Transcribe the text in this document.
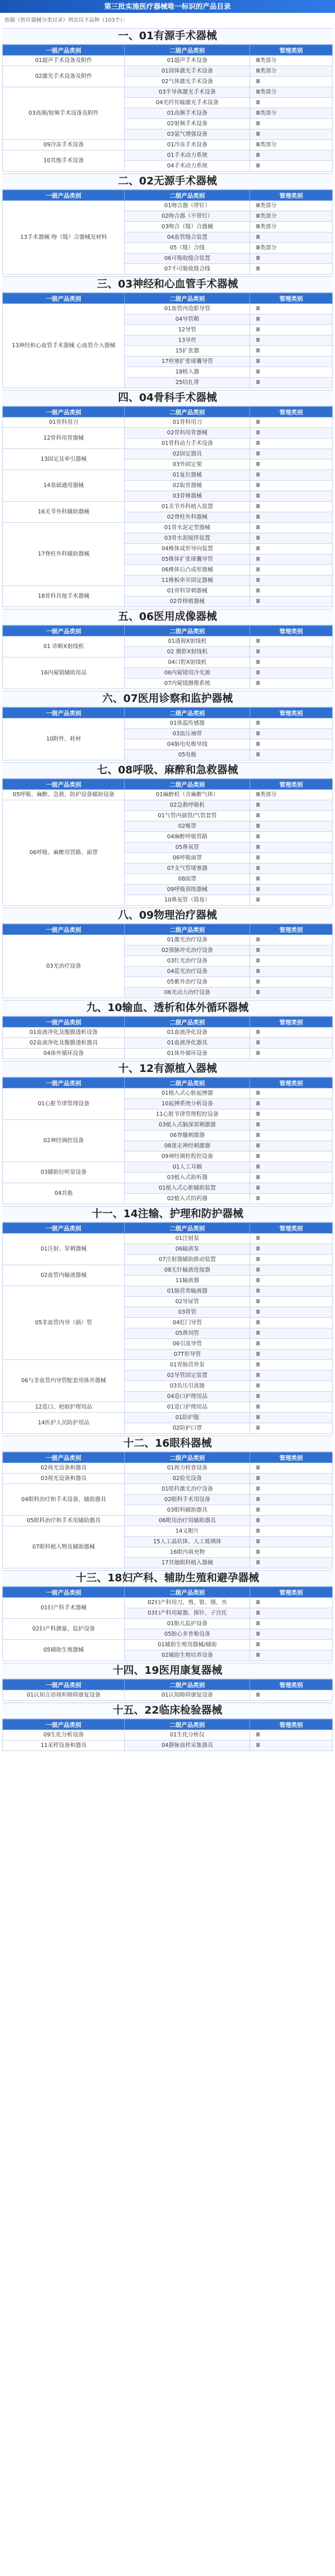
第三批实施医疗器械唯一标识的产品目录
依据《医疗器械分类目录》列出以下品种（103个）：
一、01有源手术器械
一级产品类别	二级产品类别	管理类别
01超声手术设备及附件	01超声手术设备	Ⅲ类部分
02激光手术设备及附件	01固体激光手术设备	Ⅲ类部分
	02气体激光手术设备	Ⅲ
03高频/射频手术设备及附件	03半导体激光手术设备	Ⅲ类部分
	04光纤传输激光手术设备	Ⅲ
	01高频手术设备	Ⅲ类部分
	02射频手术设备	Ⅲ
	03氩气增强设备	Ⅲ
09冷冻手术设备	01冷冻手术设备	Ⅲ类部分
10其他手术设备	01手术动力系统	Ⅲ
	04手术动力系统	Ⅲ
二、02无源手术器械
一级产品类别	二级产品类别	管理类别
13手术器械 吻（缝）合器械及材料	01吻合器（带钉）	Ⅲ类部分
	02吻合器（不带钉）	Ⅲ类部分
	03吻合（缝）合器械	Ⅲ类部分
	04血管缝合装置	Ⅲ
	05（缝）合线	Ⅲ类部分
	06可吸收缝合装置	Ⅲ
	07不可吸收缝合线	Ⅲ
三、03神经和心血管手术器械
一级产品类别	二级产品类别	管理类别
13神经和心血管手术器械 心血管介入器械	01血管内造影导管	Ⅲ
	04导管鞘	Ⅲ
	12导管	Ⅲ
	13导丝	Ⅲ
	15扩张器	Ⅲ
	17栓塞扩张球囊导管	Ⅲ
	18植入器	Ⅲ
	25结扎带	Ⅲ
四、04骨科手术器械
一级产品类别	二级产品类别	管理类别
01骨科用刀	01骨科用刀	Ⅲ
12骨科用骨器械	02骨科用骨器械	Ⅲ
	01骨科动力手术设备	Ⅲ
13固定及牵引器械	02固定器具	Ⅲ
	03外固定架	Ⅲ
14基础通用器械	01复位器械	Ⅲ
	02取骨器械	Ⅲ
	03骨锤器械	Ⅲ
16关节外科辅助器械	01关节外科植入装置	Ⅲ
	02脊柱外科器械	Ⅲ
17脊柱外科辅助器械	01骨水泥定型器械	Ⅲ
	03骨水泥搅拌装置	Ⅲ
	04椎体成形导向装置	Ⅲ
	05椎体扩张球囊导管	Ⅲ
	06椎体后凸成形器械	Ⅲ
	11椎板牵开固定器械	Ⅲ
18骨科其他手术器械	01骨科穿刺器械	Ⅲ
	02骨移植器械	Ⅲ
五、06医用成像器械
一级产品类别	二级产品类别	管理类别
01 诊断X射线机	01透视X射线机	Ⅲ
	02 摄影X射线机	Ⅲ
16内窥镜辅助用品	04口腔X射线机	Ⅲ
	06内窥镜用冷光源	Ⅲ
	07内窥镜摄像系统	Ⅲ
六、07医用诊察和监护器械
一级产品类别	二级产品类别	管理类别
10附件、耗材	01体温传感器	Ⅲ
	03血压袖带	Ⅲ
	04脑电电极导线	Ⅲ
	05电极	Ⅲ
七、08呼吸、麻醉和急救器械
一级产品类别	二级产品类别	管理类别
05呼吸、麻醉、急救、防护设备辅助设备	01麻醉机（含麻醉气体）	Ⅲ类部分
06呼吸、麻醉用管路、面罩	02急救呼吸机	Ⅲ
	01气管内插管/气管套管	Ⅲ
	02喉罩	Ⅲ
	04麻醉呼吸管路	Ⅲ
	05鼻氧管	Ⅲ
	06呼吸面罩	Ⅲ
	07支气管堵塞器	Ⅲ
	08面罩	Ⅲ
	09呼吸训练器械	Ⅲ
	10鼻氧管（简易）	Ⅲ
八、09物理治疗器械
一级产品类别	二级产品类别	管理类别
03光治疗设备	01激光治疗设备	Ⅲ
	02强脉冲光治疗设备	Ⅲ
	03红光治疗设备	Ⅲ
	04蓝光治疗设备	Ⅲ
	05紫外治疗设备	Ⅲ
	06光动力治疗设备	Ⅲ
九、10输血、透析和体外循环器械
一级产品类别	二级产品类别	管理类别
01血液净化及腹膜透析设备	01血液净化设备	Ⅲ
02血液净化及腹膜透析器具	01血液净化器具	Ⅲ
04体外循环设备	01体外循环设备	Ⅲ
十、12有源植入器械
一级产品类别	二级产品类别	管理类别
01心脏节律管理设备	01植入式心脏起搏器	Ⅲ
	10起搏系统分析设备	Ⅲ
	11心脏节律管理程控设备	Ⅲ
02神经调控设备	03植入式脑深部刺激器	Ⅲ
	06脊髓刺激器	Ⅲ
	08迷走神经刺激器	Ⅲ
	09神经调控程控设备	Ⅲ
03辅助位听觉设备	01人工耳蜗	Ⅲ
	03植入式助听器	Ⅲ
04其他	01植入式心脏辅助装置	Ⅲ
	02植入式给药器	Ⅲ
十一、14注输、护理和防护器械
一级产品类别	二级产品类别	管理类别
01注射、穿刺器械	01注射泵	Ⅲ
	06输液泵	Ⅲ
	07注射器辅助推动装置	Ⅲ
02血管内输液器械	08无针输液连接器	Ⅲ
	11输液器	Ⅲ
05非血管内导（插）管	01肠营养输液器	Ⅲ
	02导尿管	Ⅲ
	03胃管	Ⅲ
	04肛门导管	Ⅲ
	05鼻饲管	Ⅲ
	06引流导管	Ⅲ
	07T形导管	Ⅲ
06与非血管内导管配套用体外器械	01胃肠营养泵	Ⅲ
	02导管固定装置	Ⅲ
	03负压引流器	Ⅲ
	04造口护理用品	Ⅲ
12造口、疤痕护理用品	01造口护理用品	Ⅲ
14医护人员防护用品	01防护服	Ⅲ
	02防护口罩	Ⅲ
十二、16眼科器械
一级产品类别	二级产品类别	管理类别
02视光设备和器具	01视力检查设备	Ⅲ
03视光设备和器具	02验光设备	Ⅲ
04眼科治疗和手术设备、辅助器具	01眼科激光治疗设备	Ⅲ
	02眼科手术用设备	Ⅲ
	03眼科辅助器具	Ⅲ
05眼科治疗和手术用辅助器具	06眼用治疗用辅助器具	Ⅲ
07眼科植入物及辅助器械	14义眼片	Ⅲ
	15人工晶状体、人工玻璃体	Ⅲ
	16眼内填充物	Ⅲ
	17其他眼科植入器械	Ⅲ
十三、18妇产科、辅助生殖和避孕器械
一级产品类别	二级产品类别	管理类别
01妇产科手术器械	02妇产科用刀、剪、钳、镊、夹	Ⅲ
	03妇产科用窥器、探针、子宫托	Ⅲ
02妇产科测量、监护设备	01胎儿监护设备	Ⅲ
	05胎心多普勒设备	Ⅲ
05辅助生殖器械	01辅助生殖用器械/辅助	Ⅲ
	02辅助生殖培养设备	Ⅲ
十四、19医用康复器械
一级产品类别	二级产品类别	管理类别
01认知言语视听障碍康复设备	01认知障碍康复设备	Ⅲ
十五、22临床检验器械
一级产品类别	二级产品类别	管理类别
09生化分析设备	01生化分析仪	Ⅲ
11采样设备和器具	04静脉血样采集器具	Ⅲ
